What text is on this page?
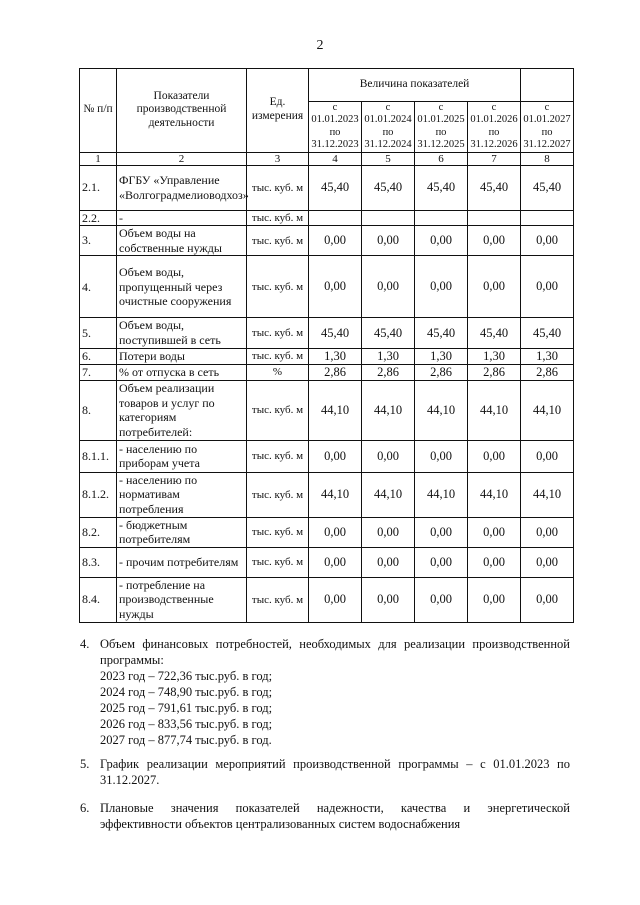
2
№ п/п	Показатели производственной деятельности	Ед. измерения	Величина показателей				
			с 01.01.2023 по 31.12.2023	с 01.01.2024 по 31.12.2024	с 01.01.2025 по 31.12.2025	с 01.01.2026 по 31.12.2026	с 01.01.2027 по 31.12.2027
1	2	3	4	5	6	7	8
2.1.	ФГБУ «Управление «Волгоградмелиоводхоз»	тыс. куб. м	45,40	45,40	45,40	45,40	45,40
2.2.	-	тыс. куб. м					
3.	Объем воды на собственные нужды	тыс. куб. м	0,00	0,00	0,00	0,00	0,00
4.	Объем воды, пропущенный через очистные сооружения	тыс. куб. м	0,00	0,00	0,00	0,00	0,00
5.	Объем воды, поступившей в сеть	тыс. куб. м	45,40	45,40	45,40	45,40	45,40
6.	Потери воды	тыс. куб. м	1,30	1,30	1,30	1,30	1,30
7.	% от отпуска в сеть	%	2,86	2,86	2,86	2,86	2,86
8.	Объем реализации товаров и услуг по категориям потребителей:	тыс. куб. м	44,10	44,10	44,10	44,10	44,10
8.1.1.	- населению по приборам учета	тыс. куб. м	0,00	0,00	0,00	0,00	0,00
8.1.2.	- населению по нормативам потребления	тыс. куб. м	44,10	44,10	44,10	44,10	44,10
8.2.	- бюджетным потребителям	тыс. куб. м	0,00	0,00	0,00	0,00	0,00
8.3.	- прочим потребителям	тыс. куб. м	0,00	0,00	0,00	0,00	0,00
8.4.	- потребление на производственные нужды	тыс. куб. м	0,00	0,00	0,00	0,00	0,00
4. Объем финансовых потребностей, необходимых для реализации производственной программы:
2023 год – 722,36 тыс.руб. в год;
2024 год – 748,90 тыс.руб. в год;
2025 год – 791,61 тыс.руб. в год;
2026 год – 833,56 тыс.руб. в год;
2027 год – 877,74 тыс.руб. в год.
5. График реализации мероприятий производственной программы – с 01.01.2023 по 31.12.2027.
6. Плановые значения показателей надежности, качества и энергетической эффективности объектов централизованных систем водоснабжения
